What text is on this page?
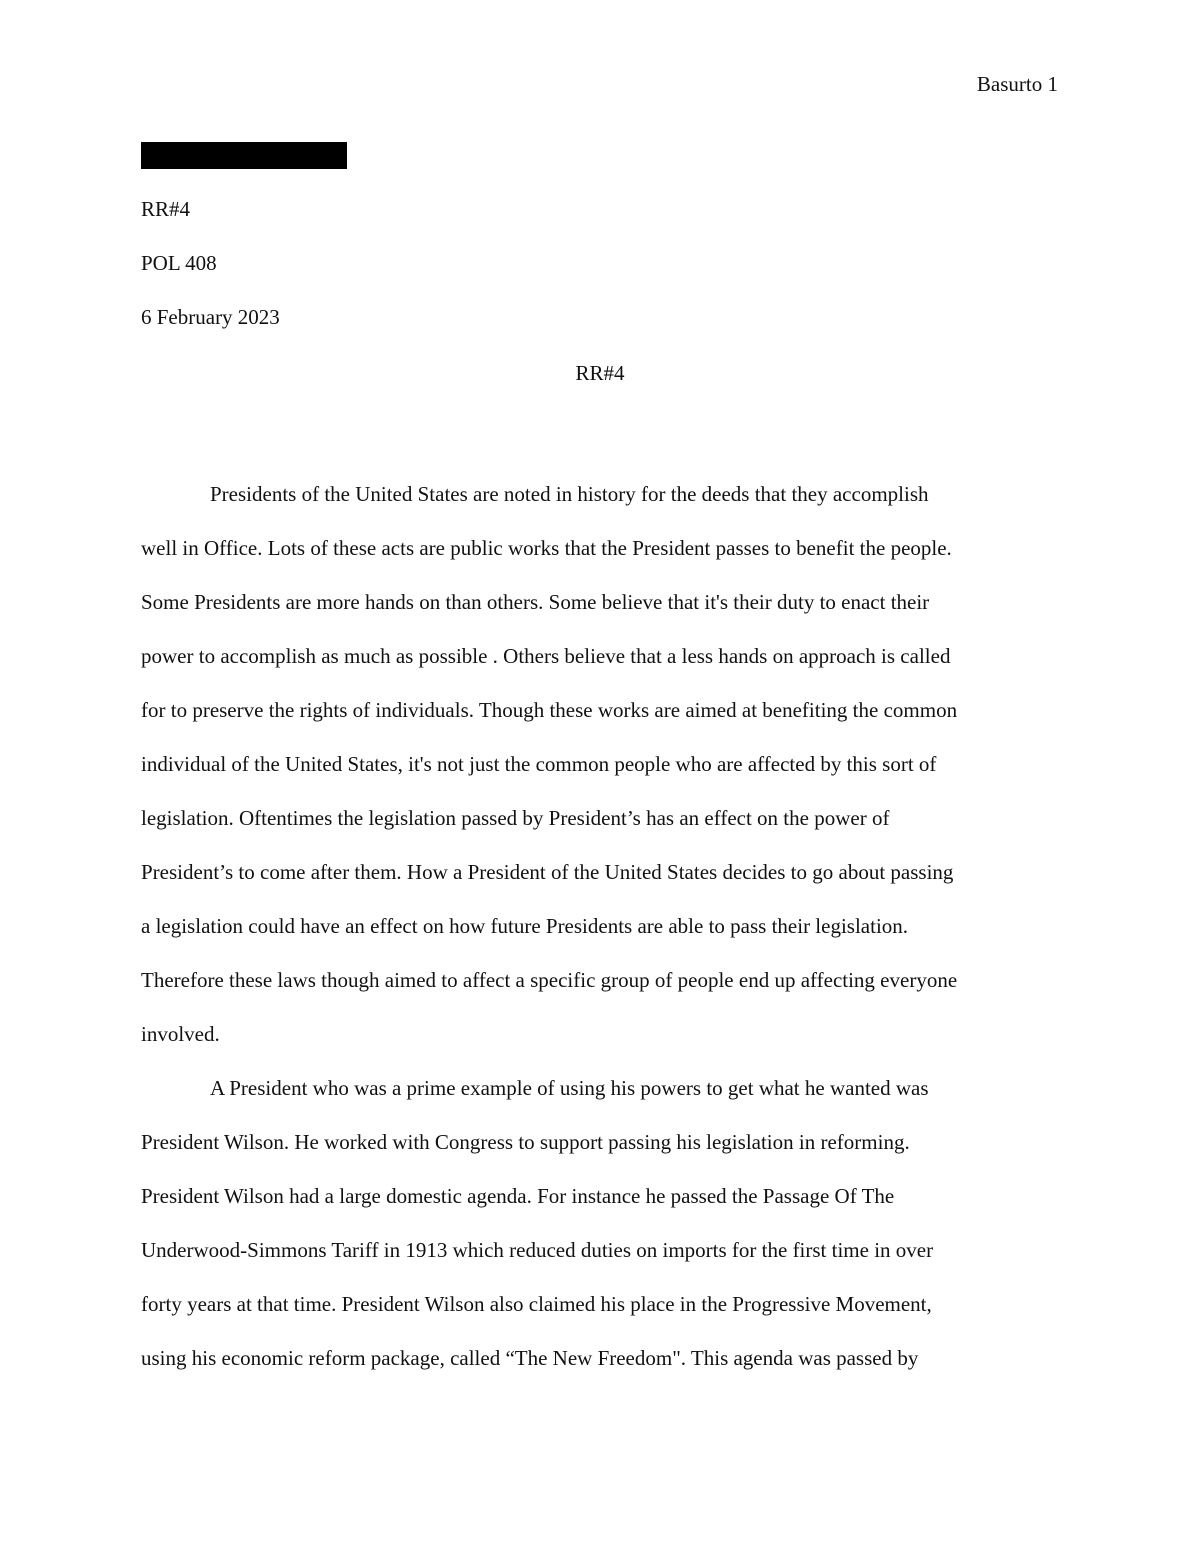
Basurto 1
RR#4
POL 408
6 February 2023
RR#4

Presidents of the United States are noted in history for the deeds that they accomplish
well in Office. Lots of these acts are public works that the President passes to benefit the people.
Some Presidents are more hands on than others. Some believe that it's their duty to enact their
power to accomplish as much as possible . Others believe that a less hands on approach is called
for to preserve the rights of individuals. Though these works are aimed at benefiting the common
individual of the United States, it's not just the common people who are affected by this sort of
legislation. Oftentimes the legislation passed by President’s has an effect on the power of
President’s to come after them. How a President of the United States decides to go about passing
a legislation could have an effect on how future Presidents are able to pass their legislation.
Therefore these laws though aimed to affect a specific group of people end up affecting everyone
involved.

A President who was a prime example of using his powers to get what he wanted was
President Wilson. He worked with Congress to support passing his legislation in reforming.
President Wilson had a large domestic agenda. For instance he passed the Passage Of The
Underwood-Simmons Tariff in 1913 which reduced duties on imports for the first time in over
forty years at that time. President Wilson also claimed his place in the Progressive Movement,
using his economic reform package, called “The New Freedom". This agenda was passed by
